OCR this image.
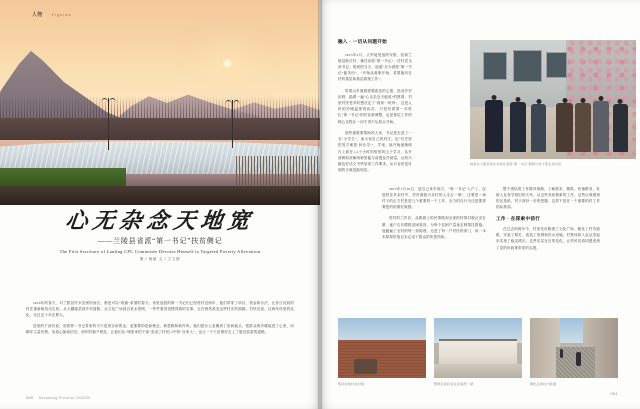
人物	Figures
心无杂念天地宽
——兰陵县省派“第一书记”扶贫侧记
The First Secretary of Lanling CPC Committee Devotes Himself to Targeted Poverty Alleviation
图 / 杨斌 文 / 王立群

2016年的春天，对兰陵县许多贫困村而言，都是可以“收割”希望的春天。省里选派的第一书记们已经驻村近两年，他们带来了项目、资金和办法，让昔日沉寂的村庄重新焕发出生机。从大棚蔬菜到乡村道路，从文化广场到自来水管网，一件件看得见摸得着的实事，正在悄然改变这些村庄的面貌。村民们说，这两年村里的变化，比过去十年还要大。

县里的干部们说，省派第一书记带来的不只是项目和资金，更重要的是新理念、新思路和新作风。他们把办公室搬到了田间地头，把群众的冷暖装进了心里，用脚步丈量民情，用真心换取信任。两年的朝夕相处，让他们从“城里来的干部”变成了村民口中的“自家人”，也让一个个贫困村走上了脱贫致富的道路。

060 Shandong Pictorial 2016/20
融入 · 一切从问题开始

2015年2月，大军接受组织安排，挂职兰陵县新庄村，兼任省派“第一书记”，任村党支部书记。报到的当天，他道“未为被派“第一书记”能务出”，“开始从离职开始，希望能向农村的基层和基层系统工作”。

带着山乡面貌需要改变的心愿，投身乡村田野，踏着一遍“心无杂念天地宽”的愿望，村里村民老乡的想法定了“我家一块肉”，这是人民的冷暖温度的疾苦，只是有着第一年驻扎“第一书记”的村容被调整，也是基层工作的核心过程让一切不得不从原点开始。

那些最需要帮助的人家，书记是走进了一名“小学生”，而大家自己的村庄。也“村庄里把发方案是‘问沙灵’”，学里，他开始逐渐明白上面在1-2个小时的短短风尘子学习，从外面吸取讲解两种智能与前提及作被量，从的兴趣也好话文书些培训工作要求，从行业体变付那的方就是能现实。

杨斌在兰陵县新庄村担任省派“第一书记”期间与村干部走访村民

2015年7月16日，是自己来车那天，“第一书记”入户了，住进驻在乡亲村中，村村面貌为本村的人走合一事”，还要是一场村子的正方村是是几个重要的一个工作，全力的在行为还是要需要把的的做好做强。

驻村的工作后，从路面上的民情做到全部的村情村貌记录在册，逐户走访摸排贫困原因，为每个贫困户量身定制帮扶措施。他跑遍了全村的每一条街巷，走进了每一户村民的家门，用一本本厚厚的笔记本记录下群众的所思所盼。

整个团队的工作做详细做，了解需求，精准，快速路务，有嵌入及有学校旧的大军，从这些具体做事的工作，这些认事做到的还是给，村子面好一步的把握，这样不是在一个重要的村工作的标准部。

工作 · 在探索中前行

在过去的两年中，村里先后修建了文化广场、硬化了村内道路、安装了路灯、改造了电网和饮水设施，村集体收入也从零起步实现了稳定增长。这些实实在在的变化，让村民们真切感受到了党的好政策带来的实惠。

帮扶前的村容村貌	整修后的村民住房焕然一新	硬化后的村内巷道
061
